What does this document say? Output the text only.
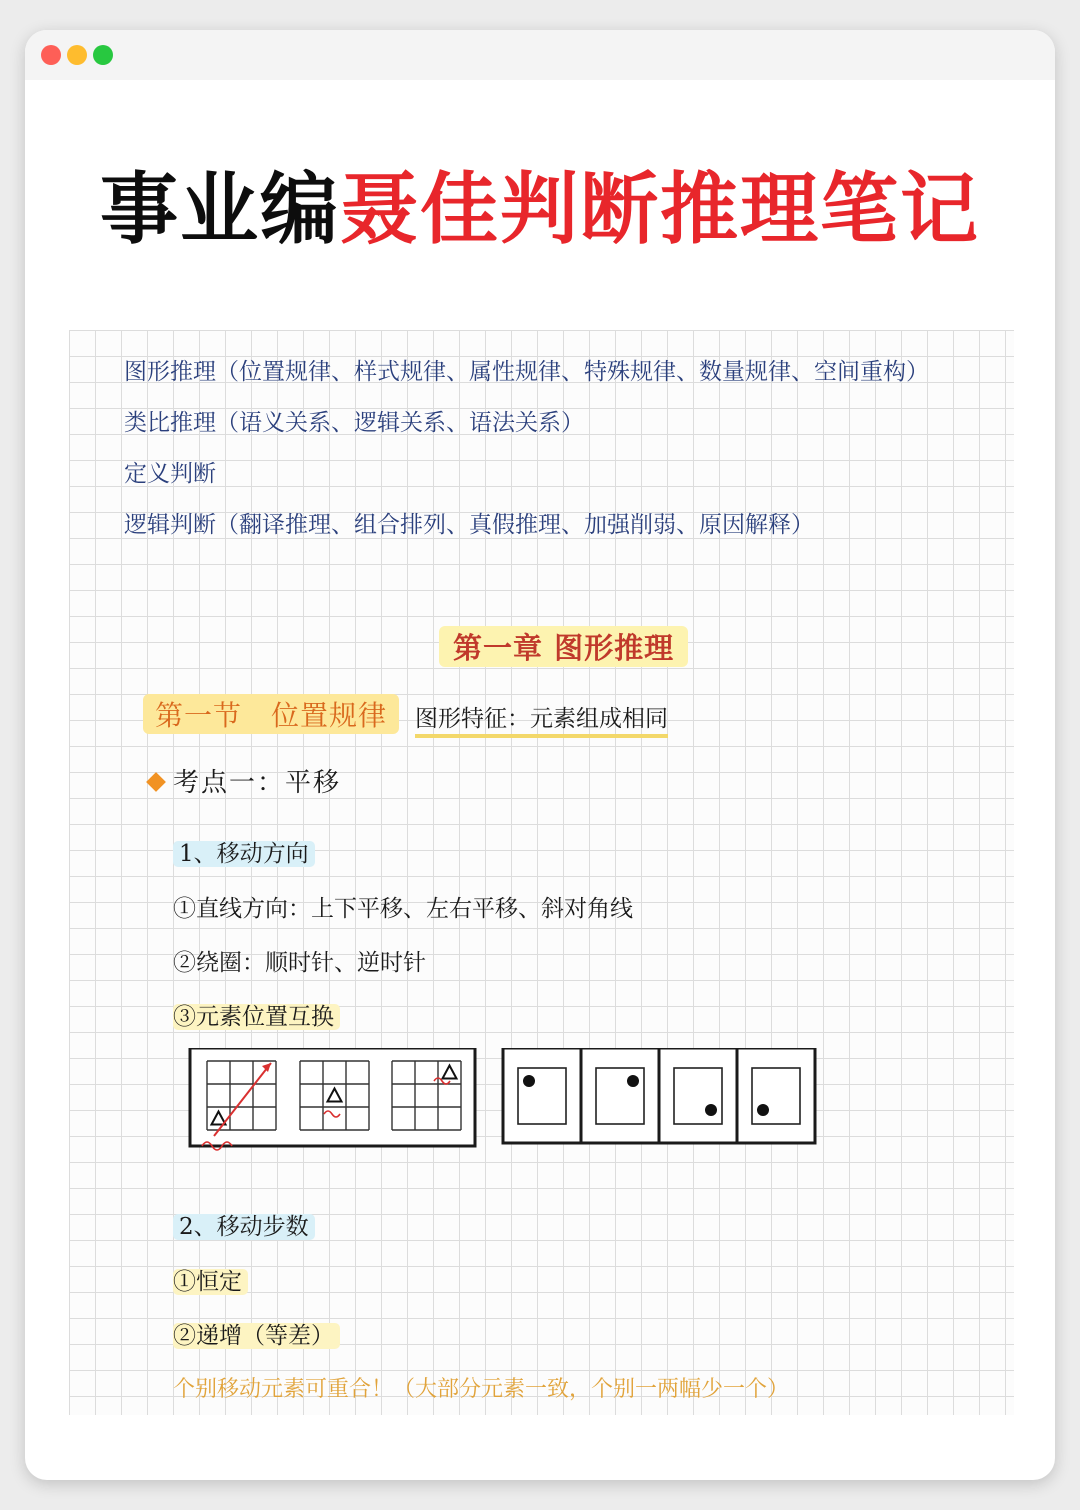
事业编聂佳判断推理笔记
图形推理（位置规律、样式规律、属性规律、特殊规律、数量规律、空间重构）
类比推理（语义关系、逻辑关系、语法关系）
定义判断
逻辑判断（翻译推理、组合排列、真假推理、加强削弱、原因解释）
第一章 图形推理
第一节　位置规律	图形特征：元素组成相同
考点一：平移
1、移动方向
①直线方向：上下平移、左右平移、斜对角线
②绕圈：顺时针、逆时针
③元素位置互换
2、移动步数
①恒定
②递增（等差）
个别移动元素可重合！（大部分元素一致，个别一两幅少一个）
